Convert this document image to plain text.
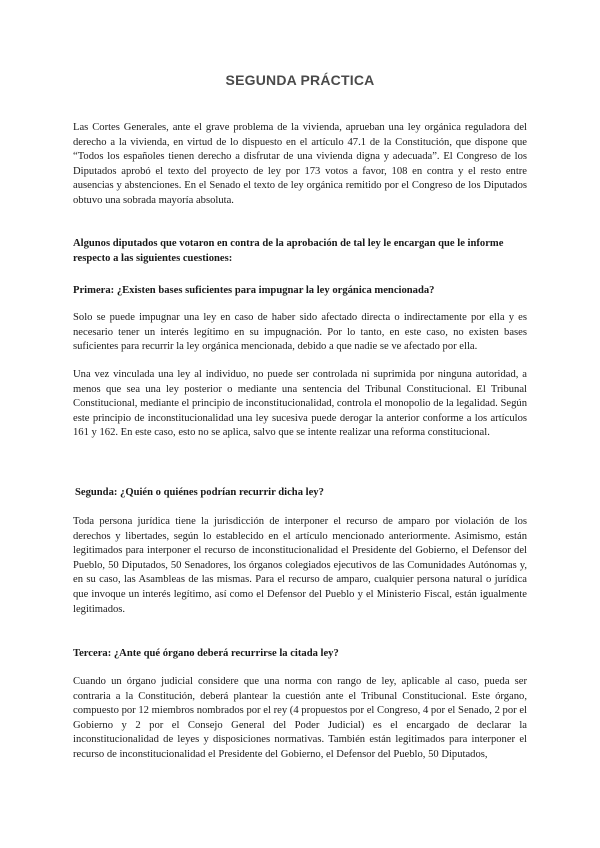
SEGUNDA PRÁCTICA
Las Cortes Generales, ante el grave problema de la vivienda, aprueban una ley orgánica reguladora del derecho a la vivienda, en virtud de lo dispuesto en el artículo 47.1 de la Constitución, que dispone que “Todos los españoles tienen derecho a disfrutar de una vivienda digna y adecuada”. El Congreso de los Diputados aprobó el texto del proyecto de ley por 173 votos a favor, 108 en contra y el resto entre ausencias y abstenciones. En el Senado el texto de ley orgánica remitido por el Congreso de los Diputados obtuvo una sobrada mayoría absoluta.
Algunos diputados que votaron en contra de la aprobación de tal ley le encargan que le informe respecto a las siguientes cuestiones:
Primera: ¿Existen bases suficientes para impugnar la ley orgánica mencionada?
Solo se puede impugnar una ley en caso de haber sido afectado directa o indirectamente por ella y es necesario tener un interés legítimo en su impugnación. Por lo tanto, en este caso, no existen bases suficientes para recurrir la ley orgánica mencionada, debido a que nadie se ve afectado por ella.
Una vez vinculada una ley al individuo, no puede ser controlada ni suprimida por ninguna autoridad, a menos que sea una ley posterior o mediante una sentencia del Tribunal Constitucional. El Tribunal Constitucional, mediante el principio de inconstitucionalidad, controla el monopolio de la legalidad. Según este principio de inconstitucionalidad una ley sucesiva puede derogar la anterior conforme a los artículos 161 y 162. En este caso, esto no se aplica, salvo que se intente realizar una reforma constitucional.
Segunda: ¿Quién o quiénes podrían recurrir dicha ley?
Toda persona jurídica tiene la jurisdicción de interponer el recurso de amparo por violación de los derechos y libertades, según lo establecido en el artículo mencionado anteriormente. Asimismo, están legitimados para interponer el recurso de inconstitucionalidad el Presidente del Gobierno, el Defensor del Pueblo, 50 Diputados, 50 Senadores, los órganos colegiados ejecutivos de las Comunidades Autónomas y, en su caso, las Asambleas de las mismas. Para el recurso de amparo, cualquier persona natural o jurídica que invoque un interés legítimo, así como el Defensor del Pueblo y el Ministerio Fiscal, están igualmente legitimados.
Tercera: ¿Ante qué órgano deberá recurrirse la citada ley?
Cuando un órgano judicial considere que una norma con rango de ley, aplicable al caso, pueda ser contraria a la Constitución, deberá plantear la cuestión ante el Tribunal Constitucional. Este órgano, compuesto por 12 miembros nombrados por el rey (4 propuestos por el Congreso, 4 por el Senado, 2 por el Gobierno y 2 por el Consejo General del Poder Judicial) es el encargado de declarar la inconstitucionalidad de leyes y disposiciones normativas. También están legitimados para interponer el recurso de inconstitucionalidad el Presidente del Gobierno, el Defensor del Pueblo, 50 Diputados,
